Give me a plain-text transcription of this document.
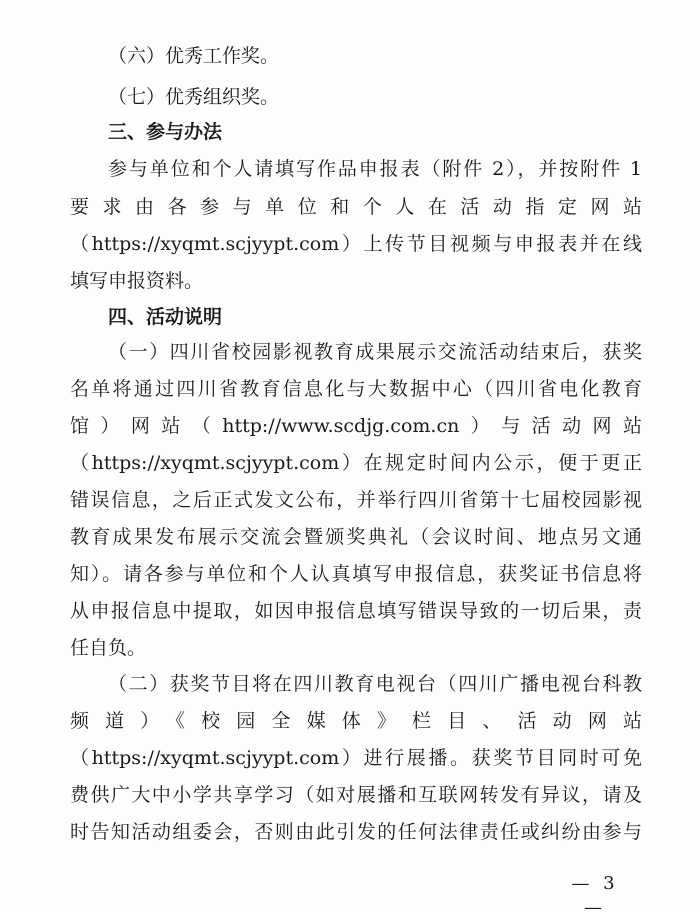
（六）优秀工作奖。
（七）优秀组织奖。
三、参与办法
参与单位和个人请填写作品申报表（附件 2），并按附件 1
要求由各参与单位和个人在活动指定网站
（https://xyqmt.scjyypt.com）上传节目视频与申报表并在线
填写申报资料。
四、活动说明
（一）四川省校园影视教育成果展示交流活动结束后，获奖
名单将通过四川省教育信息化与大数据中心（四川省电化教育
馆）网站（http://www.scdjg.com.cn）与活动网站
（https://xyqmt.scjyypt.com）在规定时间内公示，便于更正
错误信息，之后正式发文公布，并举行四川省第十七届校园影视
教育成果发布展示交流会暨颁奖典礼（会议时间、地点另文通
知）。请各参与单位和个人认真填写申报信息，获奖证书信息将
从申报信息中提取，如因申报信息填写错误导致的一切后果，责
任自负。
（二）获奖节目将在四川教育电视台（四川广播电视台科教
频道）《校园全媒体》栏目、活动网站
（https://xyqmt.scjyypt.com）进行展播。获奖节目同时可免
费供广大中小学共享学习（如对展播和互联网转发有异议，请及
时告知活动组委会，否则由此引发的任何法律责任或纠纷由参与
— 3 —
